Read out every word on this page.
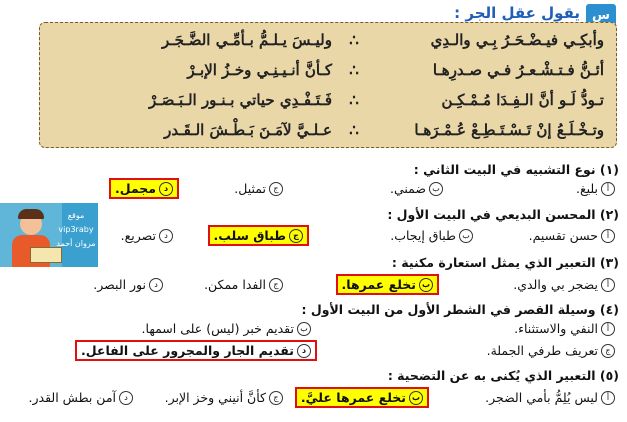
س
يقول عقل الجر :
وأبكِـي فيـضْـحَـرُ بِـي والـدِي
∴
وليـسَ يـلـمُّ بـأمِّـي الضَّـجَـر
أئـنُّ فـتـشْـعـرُ فـي صـدرِهـا
∴
كـأنَّ أنـيـنِـي وخـزُ الإبـرْ
تـودُّ لَـو أنَّ الـفِـدَا مُـمْـكِـن
∴
فَـتَـفْـدِي حياتي بـنـور الـبَـصَـرْ
وتـخْـلَـعُ إنْ تَـسْـتَـطِـعْ عُـمْـرَهـا
∴
عـلـيَّ لآمَـنَ بَـطْـشَ الـقَـدر
(١) نوع التشبيه في البيت الثاني :
أ
بليغ.
ب
ضمني.
ج
تمثيل.
د
مجمل.
(٢) المحسن البديعي في البيت الأول :
أ
حسن تقسيم.
ب
طباق إيجاب.
ج
طباق سلب.
د
تصريع.
(٣) التعبير الذي يمثل استعارة مكنية :
أ
يضجر بي والدي.
ب
تخلع عمرها.
ج
الفدا ممكن.
د
نور البصر.
(٤) وسيلة القصر في الشطر الأول من البيت الأول :
أ
النفي والاستثناء.
ب
تقديم خبر (ليس) على اسمها.
ج
تعريف طرفي الجملة.
د
تقديم الجار والمجرور على الفاعل.
(٥) التعبير الذي يُكنى به عن التضحية :
أ
ليس يُلِمُّ بأمي الضجر.
ب
تخلع عمرها عليَّ.
ج
كأنَّ أنيني وخز الإبر.
د
آمن بطش القدر.
موقع
vip3raby
مروان أحمد
